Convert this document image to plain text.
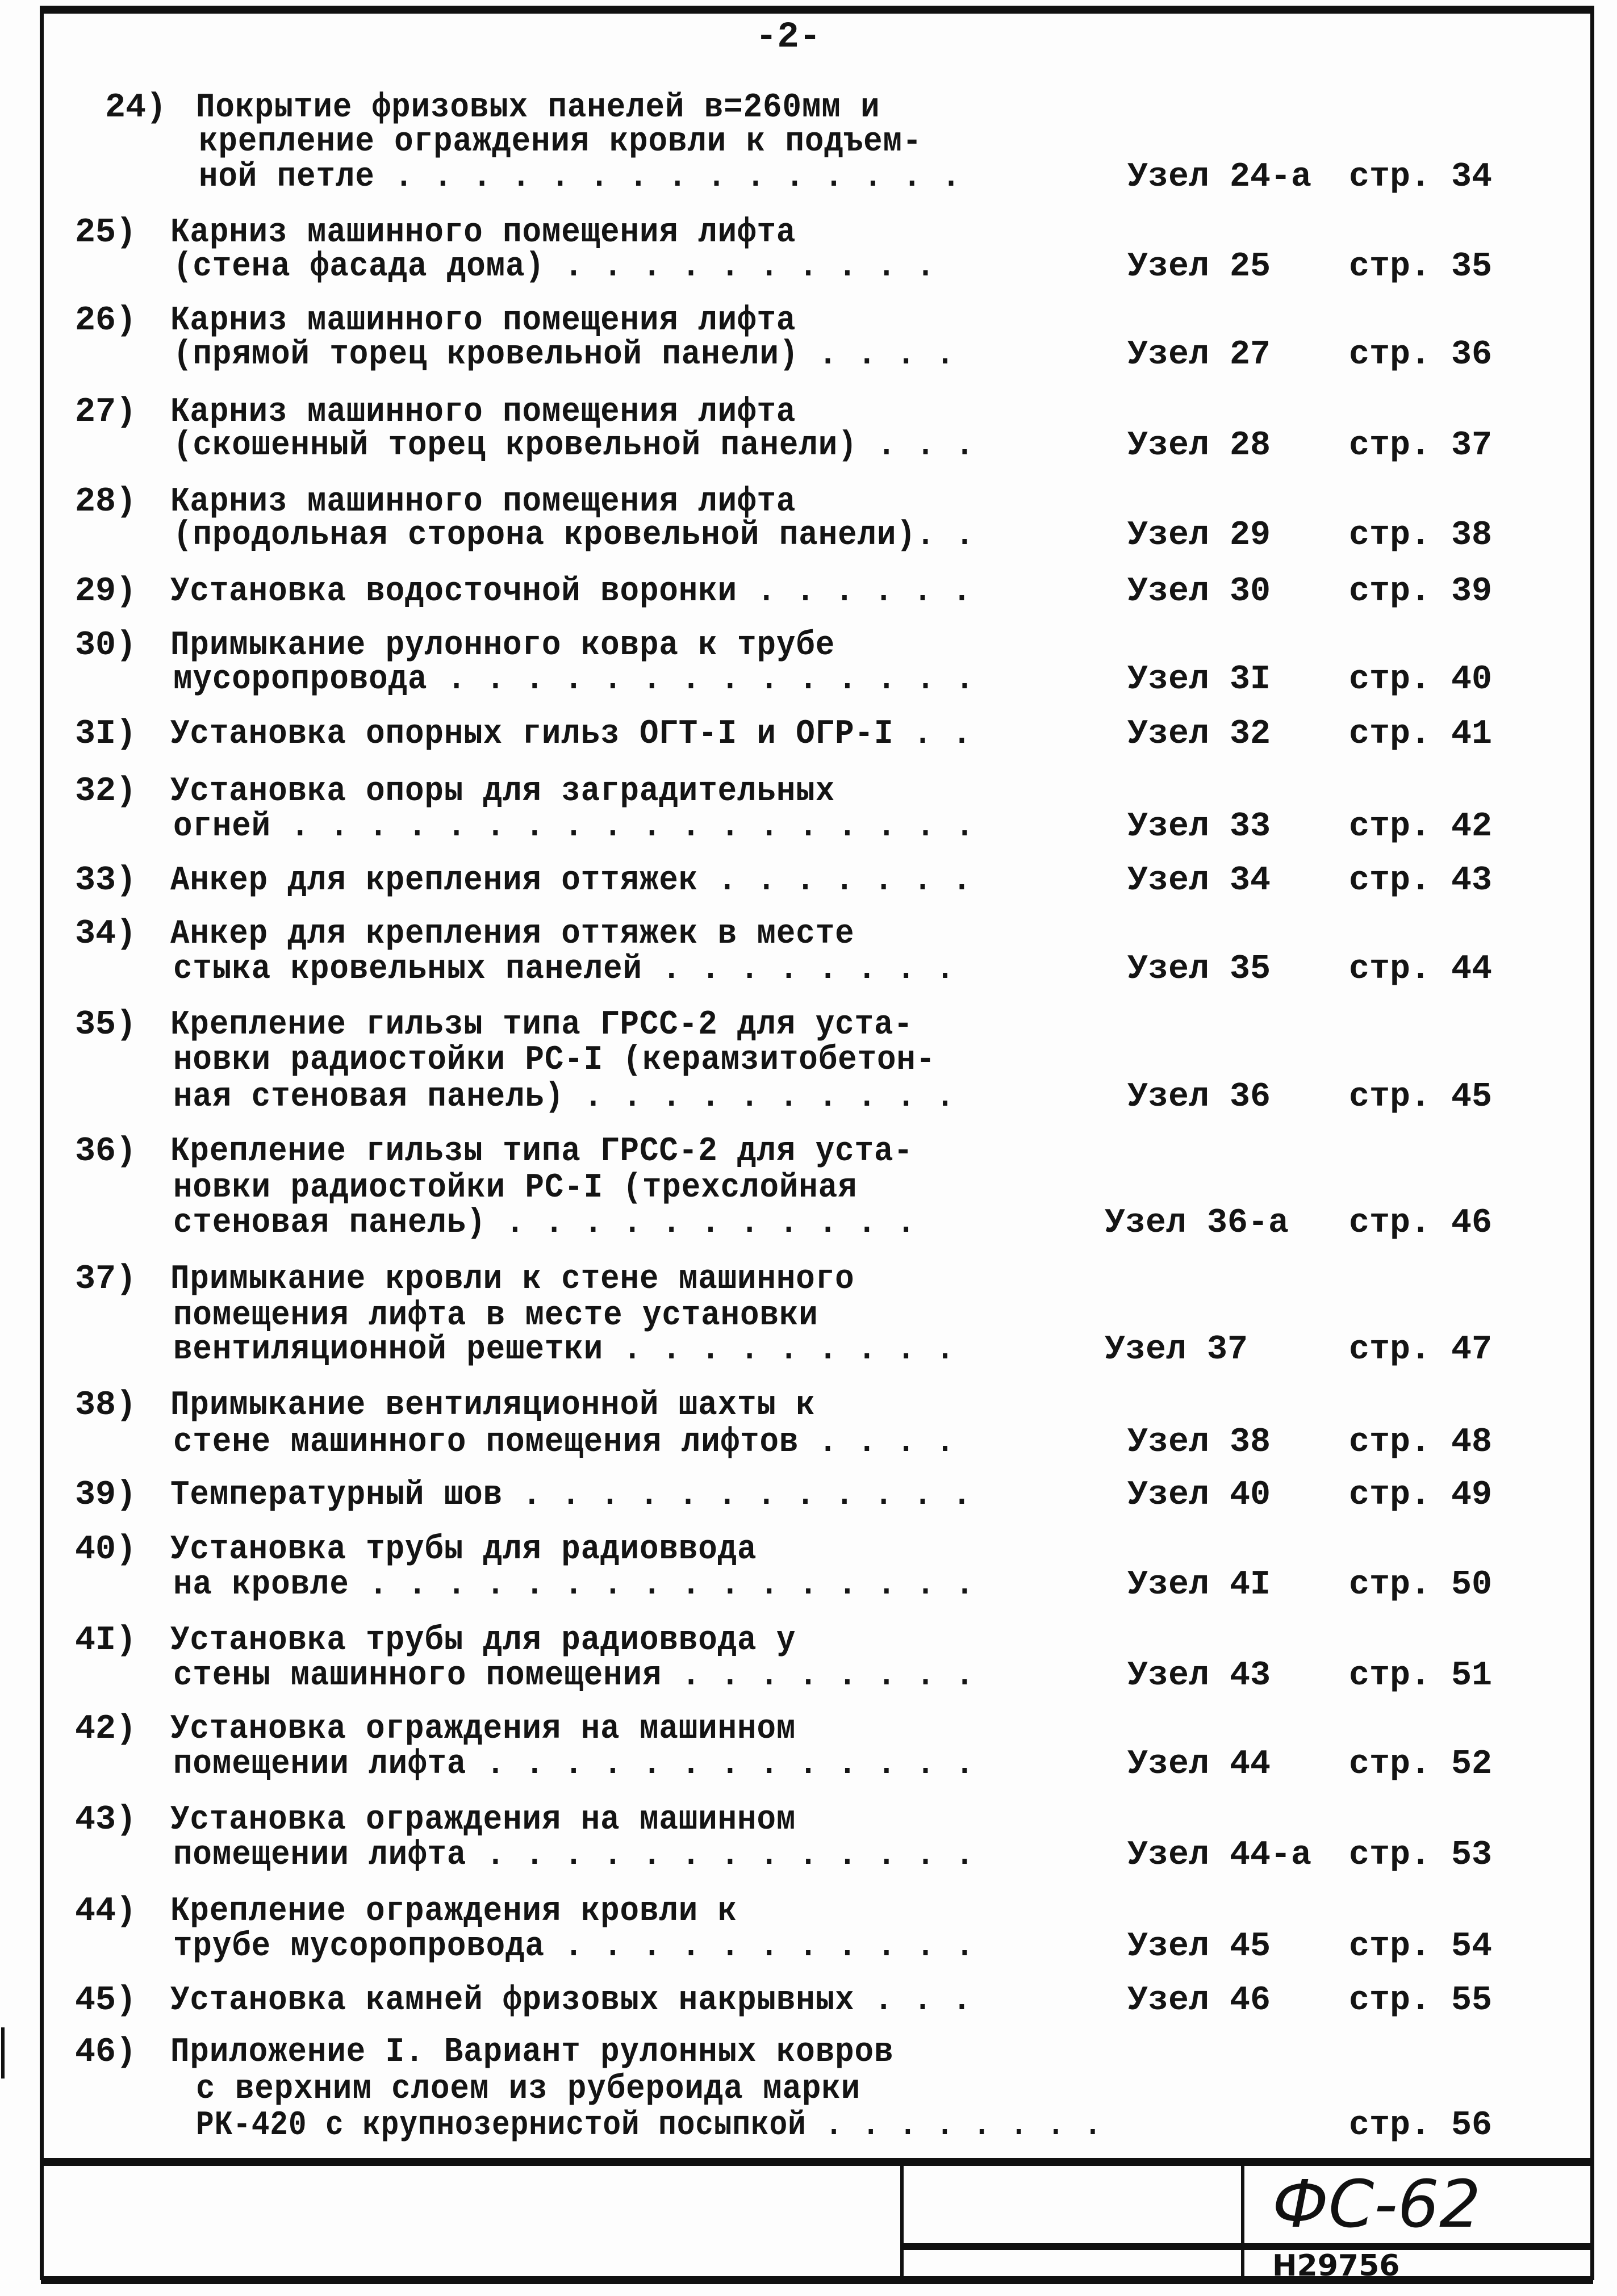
-2-
24) Покрытие фризовых панелей в=260мм и
крепление ограждения кровли к подъем-
ной петле . . . . . . . . . . . . . . .	Узел 24-а стр. 34
25) Карниз машинного помещения лифта
(стена фасада дома) . . . . . . . . . .	Узел 25 стр. 35
26) Карниз машинного помещения лифта
(прямой торец кровельной панели) . . . .	Узел 27 стр. 36
27) Карниз машинного помещения лифта
(скошенный торец кровельной панели) . . .	Узел 28 стр. 37
28) Карниз машинного помещения лифта
(продольная сторона кровельной панели). .	Узел 29 стр. 38
29) Установка водосточной воронки . . . . . .	Узел 30 стр. 39
30) Примыкание рулонного ковра к трубе
мусоропровода . . . . . . . . . . . . . .	Узел 3I стр. 40
3I) Установка опорных гильз ОГТ-I и ОГР-I . .	Узел 32 стр. 41
32) Установка опоры для заградительных
огней . . . . . . . . . . . . . . . . . .	Узел 33 стр. 42
33) Анкер для крепления оттяжек . . . . . . .	Узел 34 стр. 43
34) Анкер для крепления оттяжек в месте
стыка кровельных панелей . . . . . . . .	Узел 35 стр. 44
35) Крепление гильзы типа ГРСС-2 для уста-
новки радиостойки PC-I (керамзитобетон-
ная стеновая панель) . . . . . . . . . .	Узел 36 стр. 45
36) Крепление гильзы типа ГРСС-2 для уста-
новки радиостойки PC-I (трехслойная
стеновая панель) . . . . . . . . . . .	Узел 36-а стр. 46
37) Примыкание кровли к стене машинного
помещения лифта в месте установки
вентиляционной решетки . . . . . . . . .	Узел 37	стр. 47
38) Примыкание вентиляционной шахты к
стене машинного помещения лифтов . . . .	Узел 38 стр. 48
39) Температурный шов . . . . . . . . . . . .	Узел 40 стр. 49
40) Установка трубы для радиоввода
на кровле . . . . . . . . . . . . . . . .	Узел 4I стр. 50
4I) Установка трубы для радиоввода у
стены машинного помещения . . . . . . . .	Узел 43 стр. 51
42) Установка ограждения на машинном
помещении лифта . . . . . . . . . . . . .	Узел 44 стр. 52
43) Установка ограждения на машинном
помещении лифта . . . . . . . . . . . . .	Узел 44-а стр. 53
44) Крепление ограждения кровли к
трубе мусоропровода . . . . . . . . . . .	Узел 45 стр. 54
45) Установка камней фризовых накрывных . . .	Узел 46 стр. 55
46) Приложение I. Вариант рулонных ковров
с верхним слоем из рубероида марки
РК-420 с крупнозернистой посыпкой . . . . . . . .	стр. 56
ФС-62
Н29756
